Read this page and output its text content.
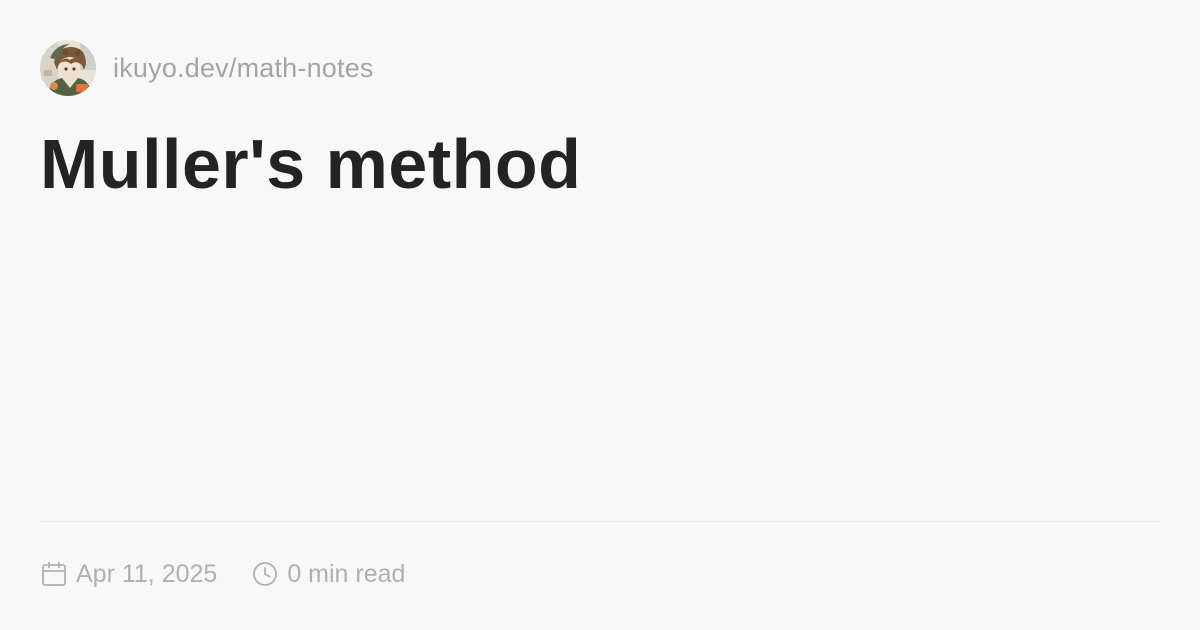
ikuyo.dev/math-notes
Muller's method
Apr 11, 2025	0 min read
